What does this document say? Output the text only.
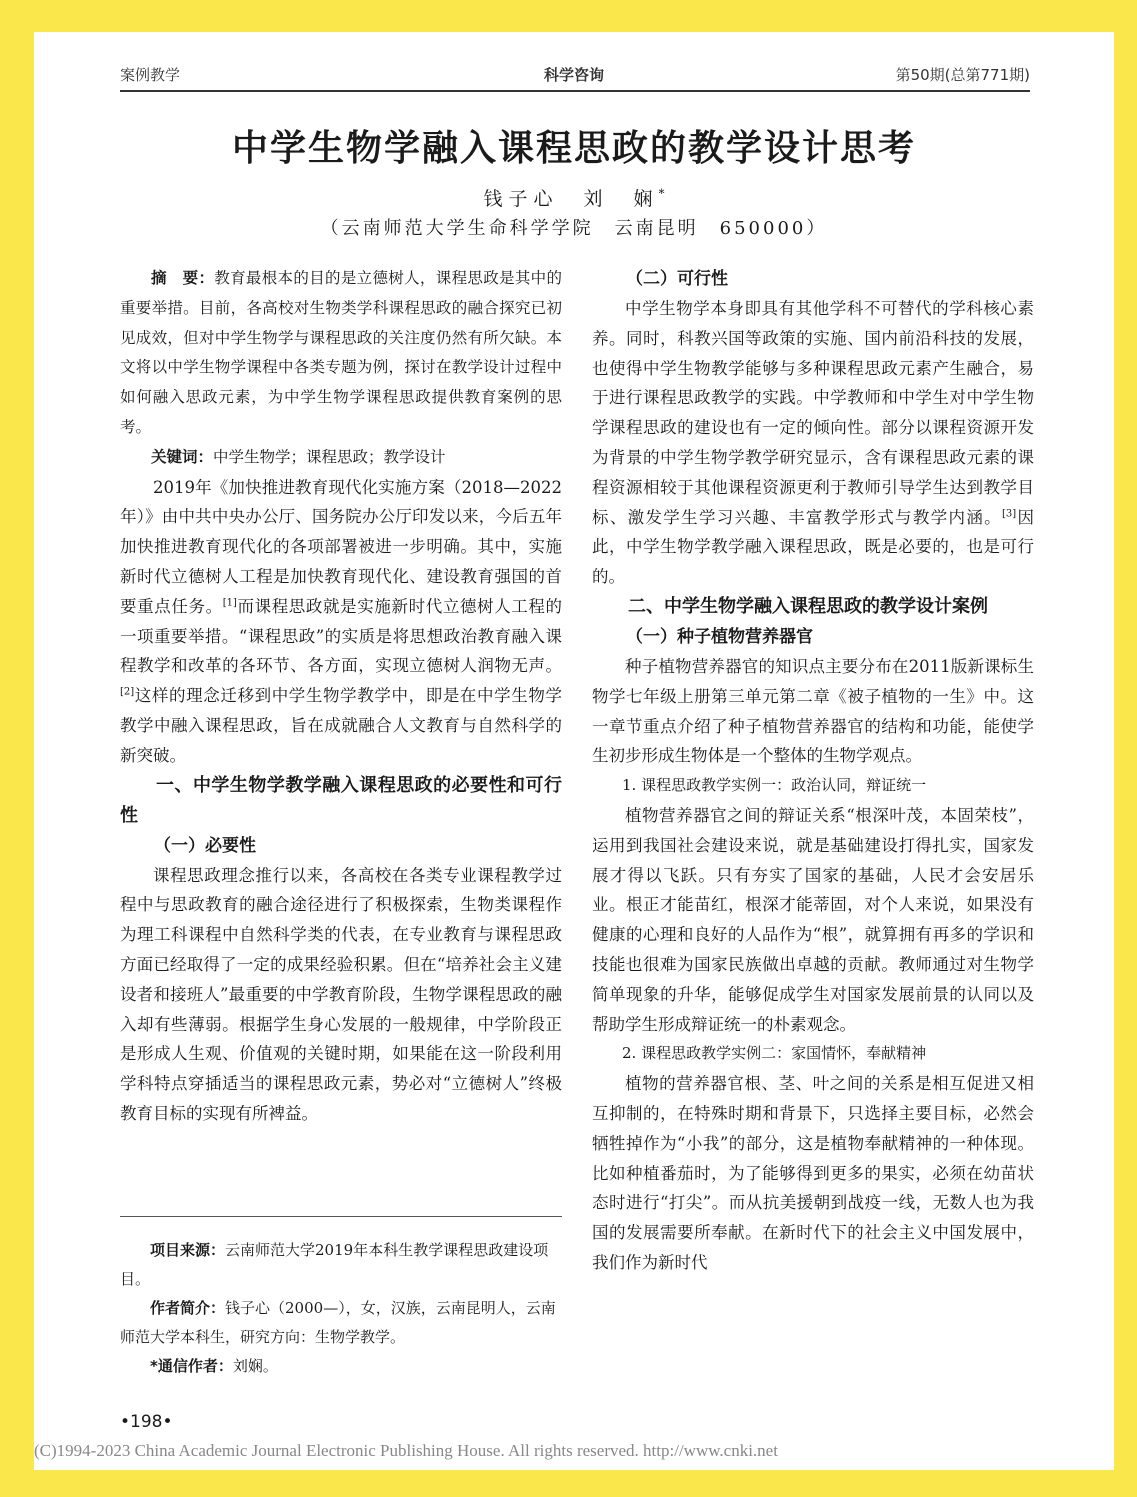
案例教学	科学咨询	第50期(总第771期)
中学生物学融入课程思政的教学设计思考
钱子心　刘　娴*
（云南师范大学生命科学学院　云南昆明　650000）

摘　要：教育最根本的目的是立德树人，课程思政是其中的重要举措。目前，各高校对生物类学科课程思政的融合探究已初见成效，但对中学生物学与课程思政的关注度仍然有所欠缺。本文将以中学生物学课程中各类专题为例，探讨在教学设计过程中如何融入思政元素，为中学生物学课程思政提供教育案例的思考。

关键词：中学生物学；课程思政；教学设计

2019年《加快推进教育现代化实施方案（2018—2022年）》由中共中央办公厅、国务院办公厅印发以来，今后五年加快推进教育现代化的各项部署被进一步明确。其中，实施新时代立德树人工程是加快教育现代化、建设教育强国的首要重点任务。[1]而课程思政就是实施新时代立德树人工程的一项重要举措。“课程思政”的实质是将思想政治教育融入课程教学和改革的各环节、各方面，实现立德树人润物无声。[2]这样的理念迁移到中学生物学教学中，即是在中学生物学教学中融入课程思政，旨在成就融合人文教育与自然科学的新突破。

一、中学生物学教学融入课程思政的必要性和可行性

（一）必要性

课程思政理念推行以来，各高校在各类专业课程教学过程中与思政教育的融合途径进行了积极探索，生物类课程作为理工科课程中自然科学类的代表，在专业教育与课程思政方面已经取得了一定的成果经验积累。但在“培养社会主义建设者和接班人”最重要的中学教育阶段，生物学课程思政的融入却有些薄弱。根据学生身心发展的一般规律，中学阶段正是形成人生观、价值观的关键时期，如果能在这一阶段利用学科特点穿插适当的课程思政元素，势必对“立德树人”终极教育目标的实现有所裨益。

项目来源：云南师范大学2019年本科生教学课程思政建设项目。

作者简介：钱子心（2000—），女，汉族，云南昆明人，云南师范大学本科生，研究方向：生物学教学。

*通信作者：刘娴。

（二）可行性

中学生物学本身即具有其他学科不可替代的学科核心素养。同时，科教兴国等政策的实施、国内前沿科技的发展，也使得中学生物教学能够与多种课程思政元素产生融合，易于进行课程思政教学的实践。中学教师和中学生对中学生物学课程思政的建设也有一定的倾向性。部分以课程资源开发为背景的中学生物学教学研究显示，含有课程思政元素的课程资源相较于其他课程资源更利于教师引导学生达到教学目标、激发学生学习兴趣、丰富教学形式与教学内涵。[3]因此，中学生物学教学融入课程思政，既是必要的，也是可行的。

二、中学生物学融入课程思政的教学设计案例

（一）种子植物营养器官

种子植物营养器官的知识点主要分布在2011版新课标生物学七年级上册第三单元第二章《被子植物的一生》中。这一章节重点介绍了种子植物营养器官的结构和功能，能使学生初步形成生物体是一个整体的生物学观点。

1. 课程思政教学实例一：政治认同，辩证统一

植物营养器官之间的辩证关系“根深叶茂，本固荣枝”，运用到我国社会建设来说，就是基础建设打得扎实，国家发展才得以飞跃。只有夯实了国家的基础，人民才会安居乐业。根正才能苗红，根深才能蒂固，对个人来说，如果没有健康的心理和良好的人品作为“根”，就算拥有再多的学识和技能也很难为国家民族做出卓越的贡献。教师通过对生物学简单现象的升华，能够促成学生对国家发展前景的认同以及帮助学生形成辩证统一的朴素观念。

2. 课程思政教学实例二：家国情怀，奉献精神

植物的营养器官根、茎、叶之间的关系是相互促进又相互抑制的，在特殊时期和背景下，只选择主要目标，必然会牺牲掉作为“小我”的部分，这是植物奉献精神的一种体现。比如种植番茄时，为了能够得到更多的果实，必须在幼苗状态时进行“打尖”。而从抗美援朝到战疫一线，无数人也为我国的发展需要所奉献。在新时代下的社会主义中国发展中，我们作为新时代

•198•
(C)1994-2023 China Academic Journal Electronic Publishing House. All rights reserved. http://www.cnki.net
